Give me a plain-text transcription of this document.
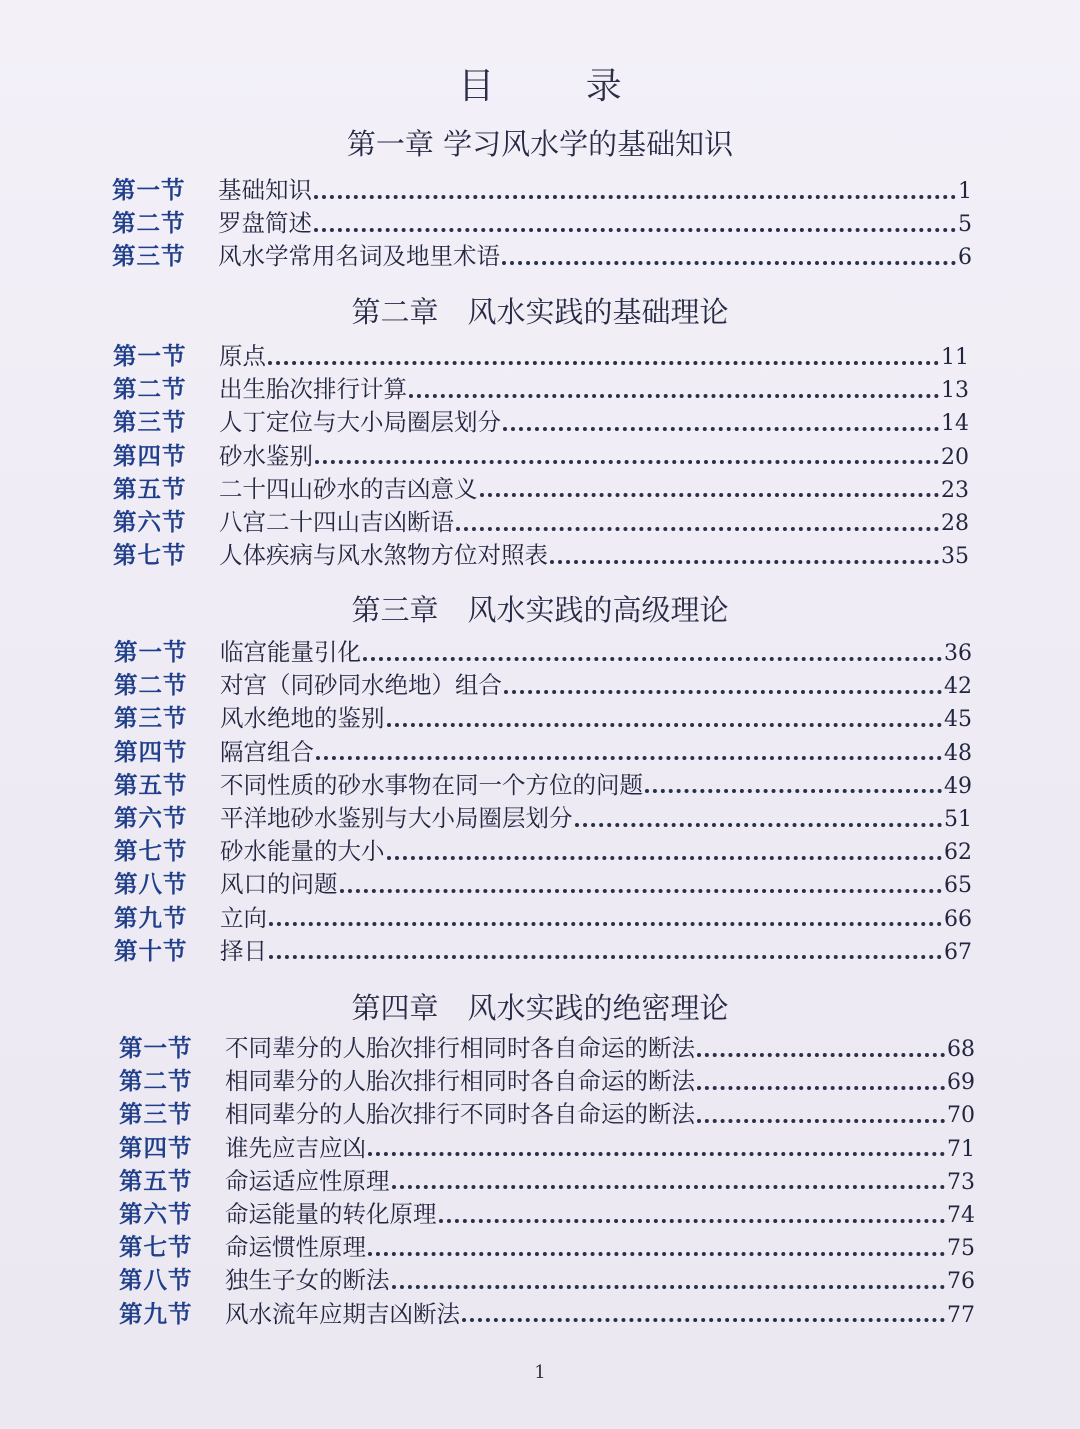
目 录
第一章 学习风水学的基础知识
第一节	基础知识	1
第二节	罗盘简述	5
第三节	风水学常用名词及地里术语	6
第二章　风水实践的基础理论
第一节	原点	11
第二节	出生胎次排行计算	13
第三节	人丁定位与大小局圈层划分	14
第四节	砂水鉴别	20
第五节	二十四山砂水的吉凶意义	23
第六节	八宫二十四山吉凶断语	28
第七节	人体疾病与风水煞物方位对照表	35
第三章　风水实践的高级理论
第一节	临宫能量引化	36
第二节	对宫（同砂同水绝地）组合	42
第三节	风水绝地的鉴别	45
第四节	隔宫组合	48
第五节	不同性质的砂水事物在同一个方位的问题	49
第六节	平洋地砂水鉴别与大小局圈层划分	51
第七节	砂水能量的大小	62
第八节	风口的问题	65
第九节	立向	66
第十节	择日	67
第四章　风水实践的绝密理论
第一节	不同辈分的人胎次排行相同时各自命运的断法	68
第二节	相同辈分的人胎次排行相同时各自命运的断法	69
第三节	相同辈分的人胎次排行不同时各自命运的断法	70
第四节	谁先应吉应凶	71
第五节	命运适应性原理	73
第六节	命运能量的转化原理	74
第七节	命运惯性原理	75
第八节	独生子女的断法	76
第九节	风水流年应期吉凶断法	77
1
